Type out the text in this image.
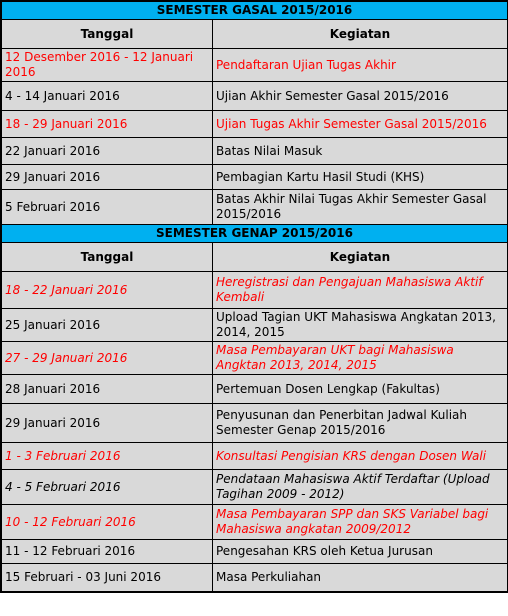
SEMESTER GASAL 2015/2016	
Tanggal	Kegiatan
12 Desember 2016 - 12 Januari 2016	Pendaftaran Ujian Tugas Akhir
4 - 14 Januari 2016	Ujian Akhir Semester Gasal 2015/2016
18 - 29 Januari 2016	Ujian Tugas Akhir Semester Gasal 2015/2016
22 Januari 2016	Batas Nilai Masuk
29 Januari 2016	Pembagian Kartu Hasil Studi (KHS)
5 Februari 2016	Batas Akhir Nilai Tugas Akhir Semester Gasal 2015/2016
SEMESTER GENAP 2015/2016	
Tanggal	Kegiatan
18 - 22 Januari 2016	Heregistrasi dan Pengajuan Mahasiswa Aktif Kembali
25 Januari 2016	Upload Tagian UKT Mahasiswa Angkatan 2013, 2014, 2015
27 - 29 Januari 2016	Masa Pembayaran UKT bagi Mahasiswa Angktan 2013, 2014, 2015
28 Januari 2016	Pertemuan Dosen Lengkap (Fakultas)
29 Januari 2016	Penyusunan dan Penerbitan Jadwal Kuliah Semester Genap 2015/2016
1 - 3 Februari 2016	Konsultasi Pengisian KRS dengan Dosen Wali
4 - 5 Februari 2016	Pendataan Mahasiswa Aktif Terdaftar (Upload Tagihan 2009 - 2012)
10 - 12 Februari 2016	Masa Pembayaran SPP dan SKS Variabel bagi Mahasiswa angkatan 2009/2012
11 - 12 Februari 2016	Pengesahan KRS oleh Ketua Jurusan
15 Februari - 03 Juni 2016	Masa Perkuliahan
